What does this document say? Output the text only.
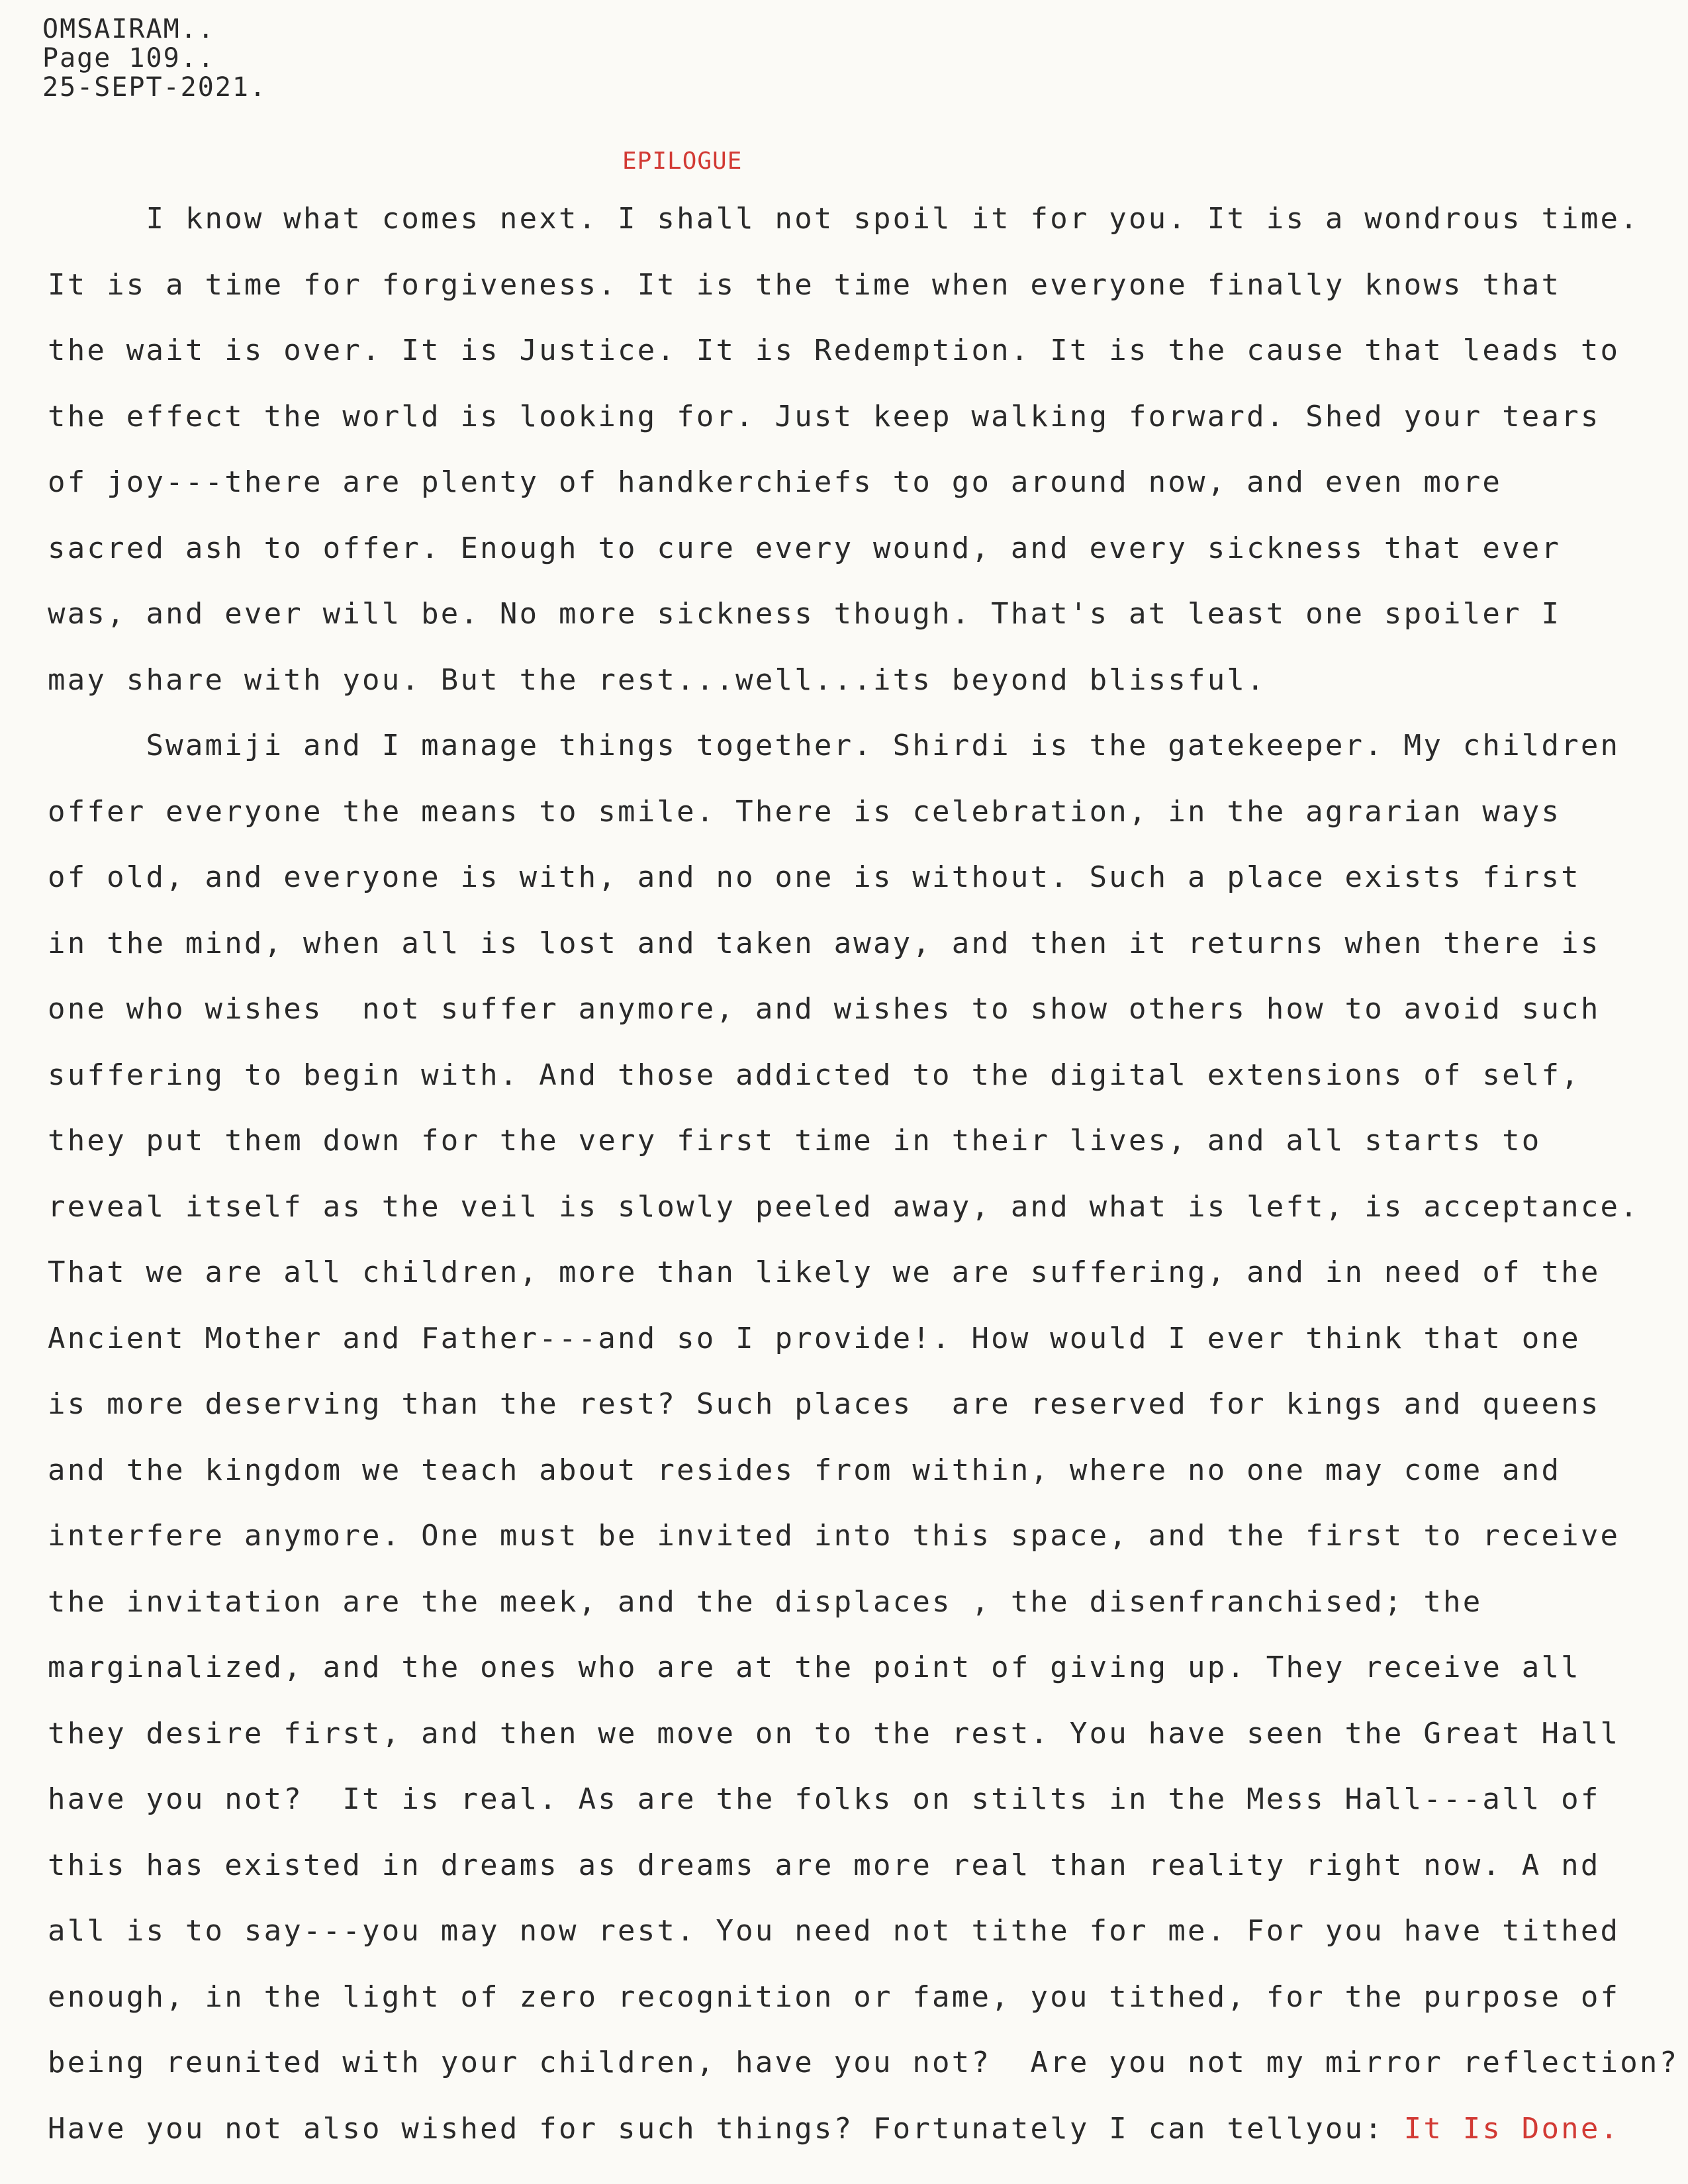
OMSAIRAM..
Page 109..
25-SEPT-2021.
EPILOGUE
I know what comes next. I shall not spoil it for you. It is a wondrous time.
It is a time for forgiveness. It is the time when everyone finally knows that
the wait is over. It is Justice. It is Redemption. It is the cause that leads to
the effect the world is looking for. Just keep walking forward. Shed your tears
of joy---there are plenty of handkerchiefs to go around now, and even more
sacred ash to offer. Enough to cure every wound, and every sickness that ever
was, and ever will be. No more sickness though. That's at least one spoiler I
may share with you. But the rest...well...its beyond blissful.
Swamiji and I manage things together. Shirdi is the gatekeeper. My children
offer everyone the means to smile. There is celebration, in the agrarian ways
of old, and everyone is with, and no one is without. Such a place exists first
in the mind, when all is lost and taken away, and then it returns when there is
one who wishes  not suffer anymore, and wishes to show others how to avoid such
suffering to begin with. And those addicted to the digital extensions of self,
they put them down for the very first time in their lives, and all starts to
reveal itself as the veil is slowly peeled away, and what is left, is acceptance.
That we are all children, more than likely we are suffering, and in need of the
Ancient Mother and Father---and so I provide!. How would I ever think that one
is more deserving than the rest? Such places  are reserved for kings and queens
and the kingdom we teach about resides from within, where no one may come and
interfere anymore. One must be invited into this space, and the first to receive
the invitation are the meek, and the displaces , the disenfranchised; the
marginalized, and the ones who are at the point of giving up. They receive all
they desire first, and then we move on to the rest. You have seen the Great Hall
have you not?  It is real. As are the folks on stilts in the Mess Hall---all of
this has existed in dreams as dreams are more real than reality right now. A nd
all is to say---you may now rest. You need not tithe for me. For you have tithed
enough, in the light of zero recognition or fame, you tithed, for the purpose of
being reunited with your children, have you not?  Are you not my mirror reflection?
Have you not also wished for such things? Fortunately I can tellyou: It Is Done.
